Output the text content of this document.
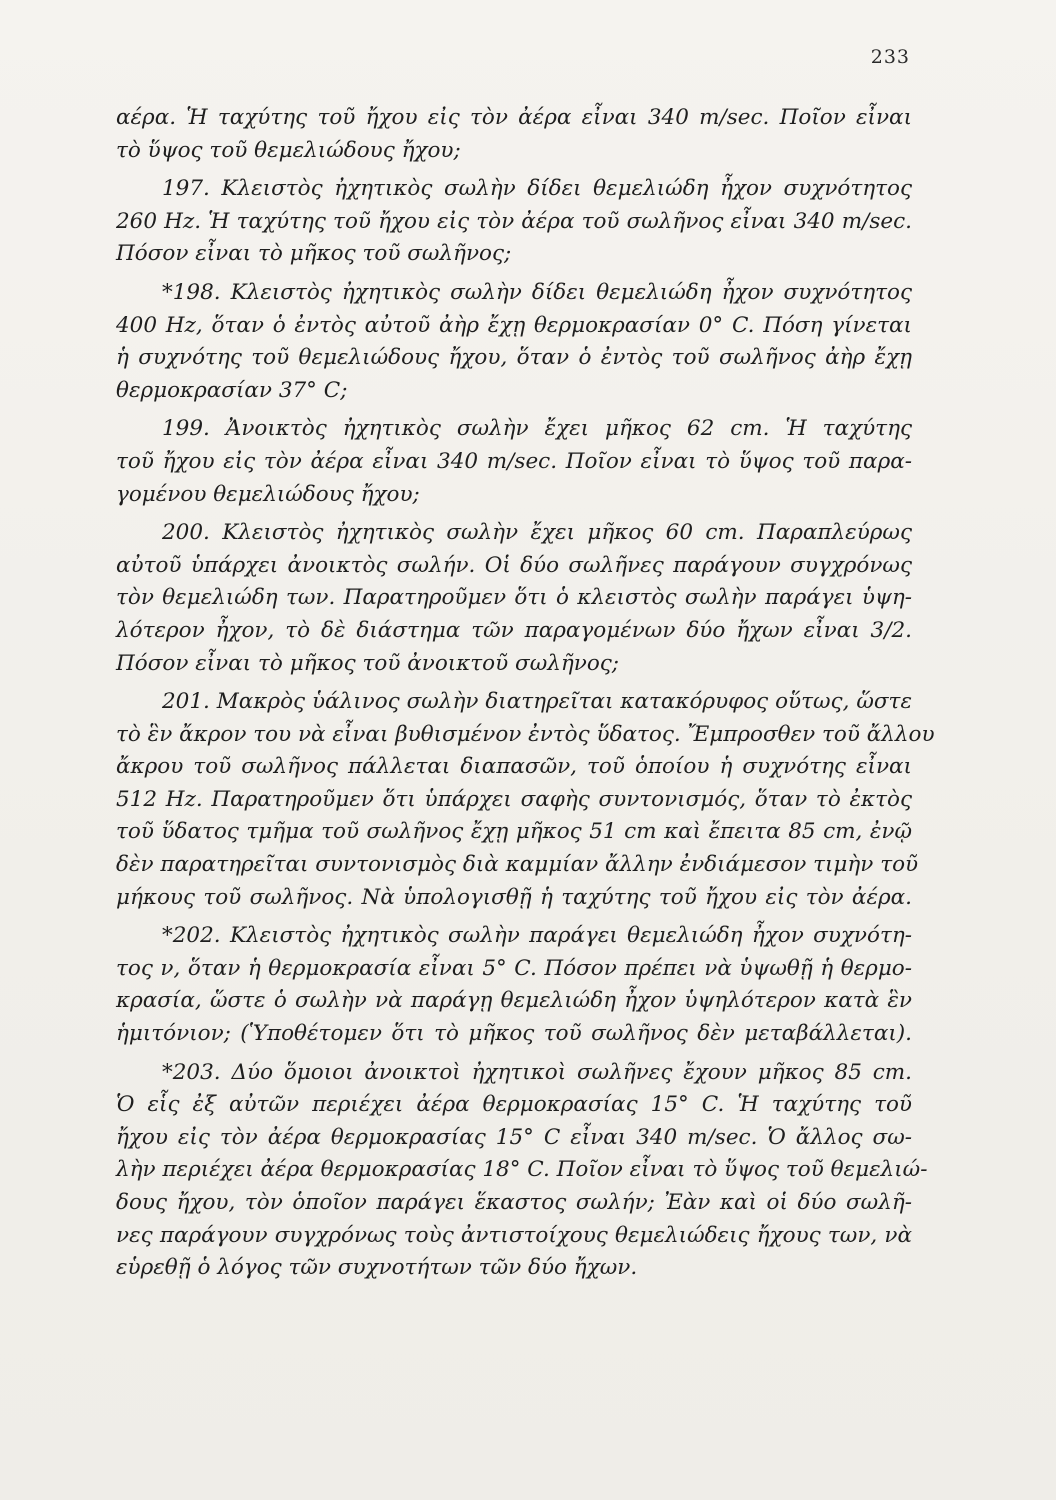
233
αέρα. Ἡ ταχύτης τοῦ ἤχου εἰς τὸν ἀέρα εἶναι 340 m/sec. Ποῖον εἶναι
τὸ ὕψος τοῦ θεμελιώδους ἤχου;
197. Κλειστὸς ἠχητικὸς σωλὴν δίδει θεμελιώδη ἦχον συχνότητος
260 Hz. Ἡ ταχύτης τοῦ ἤχου εἰς τὸν ἀέρα τοῦ σωλῆνος εἶναι 340 m/sec.
Πόσον εἶναι τὸ μῆκος τοῦ σωλῆνος;
*198. Κλειστὸς ἠχητικὸς σωλὴν δίδει θεμελιώδη ἦχον συχνότητος
400 Hz, ὅταν ὁ ἐντὸς αὐτοῦ ἀὴρ ἔχῃ θερμοκρασίαν 0° C. Πόση γίνεται
ἡ συχνότης τοῦ θεμελιώδους ἤχου, ὅταν ὁ ἐντὸς τοῦ σωλῆνος ἀὴρ ἔχῃ
θερμοκρασίαν 37° C;
199. Ἀνοικτὸς ἠχητικὸς σωλὴν ἔχει μῆκος 62 cm. Ἡ ταχύτης
τοῦ ἤχου εἰς τὸν ἀέρα εἶναι 340 m/sec. Ποῖον εἶναι τὸ ὕψος τοῦ παρα-
γομένου θεμελιώδους ἤχου;
200. Κλειστὸς ἠχητικὸς σωλὴν ἔχει μῆκος 60 cm. Παραπλεύρως
αὐτοῦ ὑπάρχει ἀνοικτὸς σωλήν. Οἱ δύο σωλῆνες παράγουν συγχρόνως
τὸν θεμελιώδη των. Παρατηροῦμεν ὅτι ὁ κλειστὸς σωλὴν παράγει ὑψη-
λότερον ἦχον, τὸ δὲ διάστημα τῶν παραγομένων δύο ἤχων εἶναι 3/2.
Πόσον εἶναι τὸ μῆκος τοῦ ἀνοικτοῦ σωλῆνος;
201. Μακρὸς ὑάλινος σωλὴν διατηρεῖται κατακόρυφος οὕτως, ὥστε
τὸ ἓν ἄκρον του νὰ εἶναι βυθισμένον ἐντὸς ὕδατος. Ἔμπροσθεν τοῦ ἄλλου
ἄκρου τοῦ σωλῆνος πάλλεται διαπασῶν, τοῦ ὁποίου ἡ συχνότης εἶναι
512 Hz. Παρατηροῦμεν ὅτι ὑπάρχει σαφὴς συντονισμός, ὅταν τὸ ἐκτὸς
τοῦ ὕδατος τμῆμα τοῦ σωλῆνος ἔχῃ μῆκος 51 cm καὶ ἔπειτα 85 cm, ἐνῷ
δὲν παρατηρεῖται συντονισμὸς διὰ καμμίαν ἄλλην ἐνδιάμεσον τιμὴν τοῦ
μήκους τοῦ σωλῆνος. Νὰ ὑπολογισθῇ ἡ ταχύτης τοῦ ἤχου εἰς τὸν ἀέρα.
*202. Κλειστὸς ἠχητικὸς σωλὴν παράγει θεμελιώδη ἦχον συχνότη-
τος ν, ὅταν ἡ θερμοκρασία εἶναι 5° C. Πόσον πρέπει νὰ ὑψωθῇ ἡ θερμο-
κρασία, ὥστε ὁ σωλὴν νὰ παράγῃ θεμελιώδη ἦχον ὑψηλότερον κατὰ ἓν
ἡμιτόνιον; (Ὑποθέτομεν ὅτι τὸ μῆκος τοῦ σωλῆνος δὲν μεταβάλλεται).
*203. Δύο ὅμοιοι ἀνοικτοὶ ἠχητικοὶ σωλῆνες ἔχουν μῆκος 85 cm.
Ὁ εἷς ἐξ αὐτῶν περιέχει ἀέρα θερμοκρασίας 15° C. Ἡ ταχύτης τοῦ
ἤχου εἰς τὸν ἀέρα θερμοκρασίας 15° C εἶναι 340 m/sec. Ὁ ἄλλος σω-
λὴν περιέχει ἀέρα θερμοκρασίας 18° C. Ποῖον εἶναι τὸ ὕψος τοῦ θεμελιώ-
δους ἤχου, τὸν ὁποῖον παράγει ἕκαστος σωλήν; Ἐὰν καὶ οἱ δύο σωλῆ-
νες παράγουν συγχρόνως τοὺς ἀντιστοίχους θεμελιώδεις ἤχους των, νὰ
εὑρεθῇ ὁ λόγος τῶν συχνοτήτων τῶν δύο ἤχων.
